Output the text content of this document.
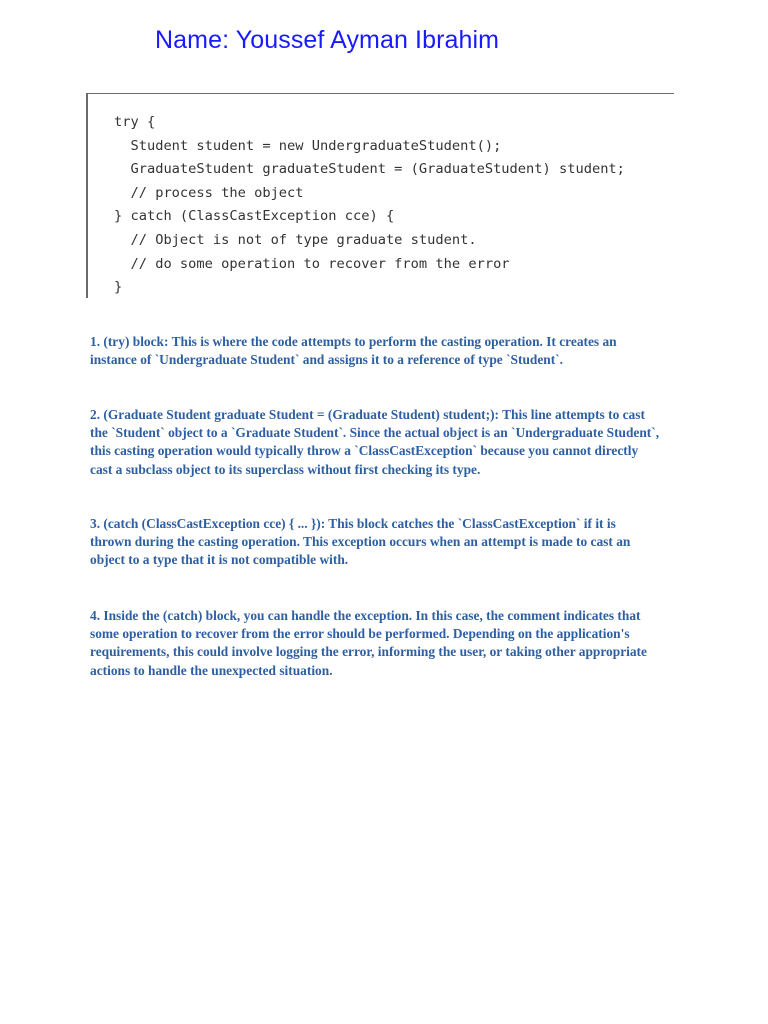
Name: Youssef Ayman Ibrahim
try {
Student student = new UndergraduateStudent();
GraduateStudent graduateStudent = (GraduateStudent) student;
// process the object
} catch (ClassCastException cce) {
// Object is not of type graduate student.
// do some operation to recover from the error
}

1. (try) block: This is where the code attempts to perform the casting operation. It creates an
instance of `Undergraduate Student` and assigns it to a reference of type `Student`.

2. (Graduate Student graduate Student = (Graduate Student) student;): This line attempts to cast
the `Student` object to a `Graduate Student`. Since the actual object is an `Undergraduate Student`,
this casting operation would typically throw a `ClassCastException` because you cannot directly
cast a subclass object to its superclass without first checking its type.

3. (catch (ClassCastException cce) { ... }): This block catches the `ClassCastException` if it is
thrown during the casting operation. This exception occurs when an attempt is made to cast an
object to a type that it is not compatible with.

4. Inside the (catch) block, you can handle the exception. In this case, the comment indicates that
some operation to recover from the error should be performed. Depending on the application's
requirements, this could involve logging the error, informing the user, or taking other appropriate
actions to handle the unexpected situation.
